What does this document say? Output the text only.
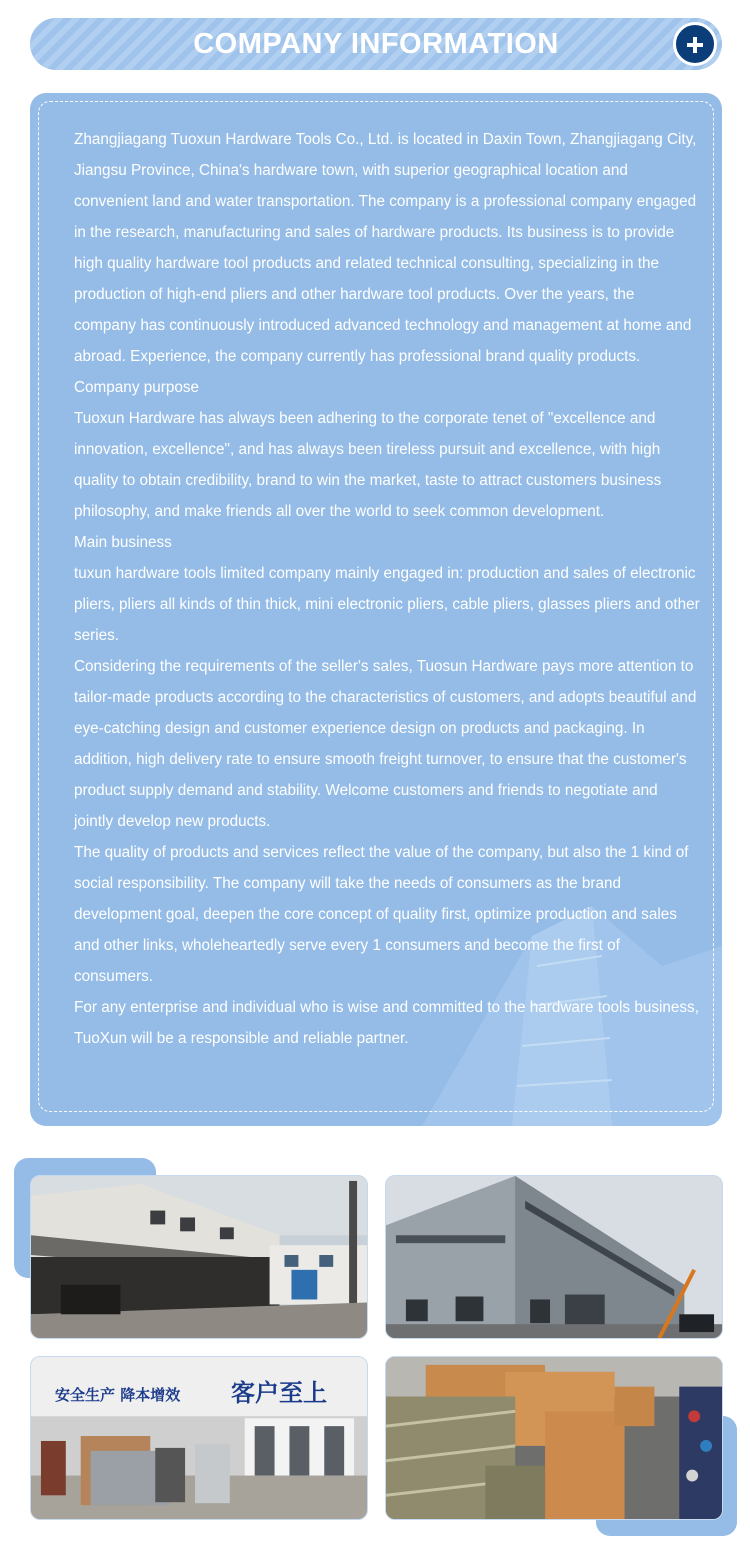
COMPANY INFORMATION

Zhangjiagang Tuoxun Hardware Tools Co., Ltd. is located in Daxin Town, Zhangjiagang City, Jiangsu Province, China's hardware town, with superior geographical location and convenient land and water transportation. The company is a professional company engaged in the research, manufacturing and sales of hardware products. Its business is to provide high quality hardware tool products and related technical consulting, specializing in the production of high-end pliers and other hardware tool products. Over the years, the company has continuously introduced advanced technology and management at home and abroad. Experience, the company currently has professional brand quality products.

Company purpose

Tuoxun Hardware has always been adhering to the corporate tenet of "excellence and innovation, excellence", and has always been tireless pursuit and excellence, with high quality to obtain credibility, brand to win the market, taste to attract customers business philosophy, and make friends all over the world to seek common development.

Main business

tuxun hardware tools limited company mainly engaged in: production and sales of electronic pliers, pliers all kinds of thin thick, mini electronic pliers, cable pliers, glasses pliers and other series.

Considering the requirements of the seller's sales, Tuosun Hardware pays more attention to tailor-made products according to the characteristics of customers, and adopts beautiful and eye-catching design and customer experience design on products and packaging. In addition, high delivery rate to ensure smooth freight turnover, to ensure that the customer's product supply demand and stability. Welcome customers and friends to negotiate and jointly develop new products.

The quality of products and services reflect the value of the company, but also the 1 kind of social responsibility. The company will take the needs of consumers as the brand development goal, deepen the core concept of quality first, optimize production and sales and other links, wholeheartedly serve every 1 consumers and become the first of consumers.

For any enterprise and individual who is wise and committed to the hardware tools business, TuoXun will be a responsible and reliable partner.

安全生产 降本增效 客户至上
